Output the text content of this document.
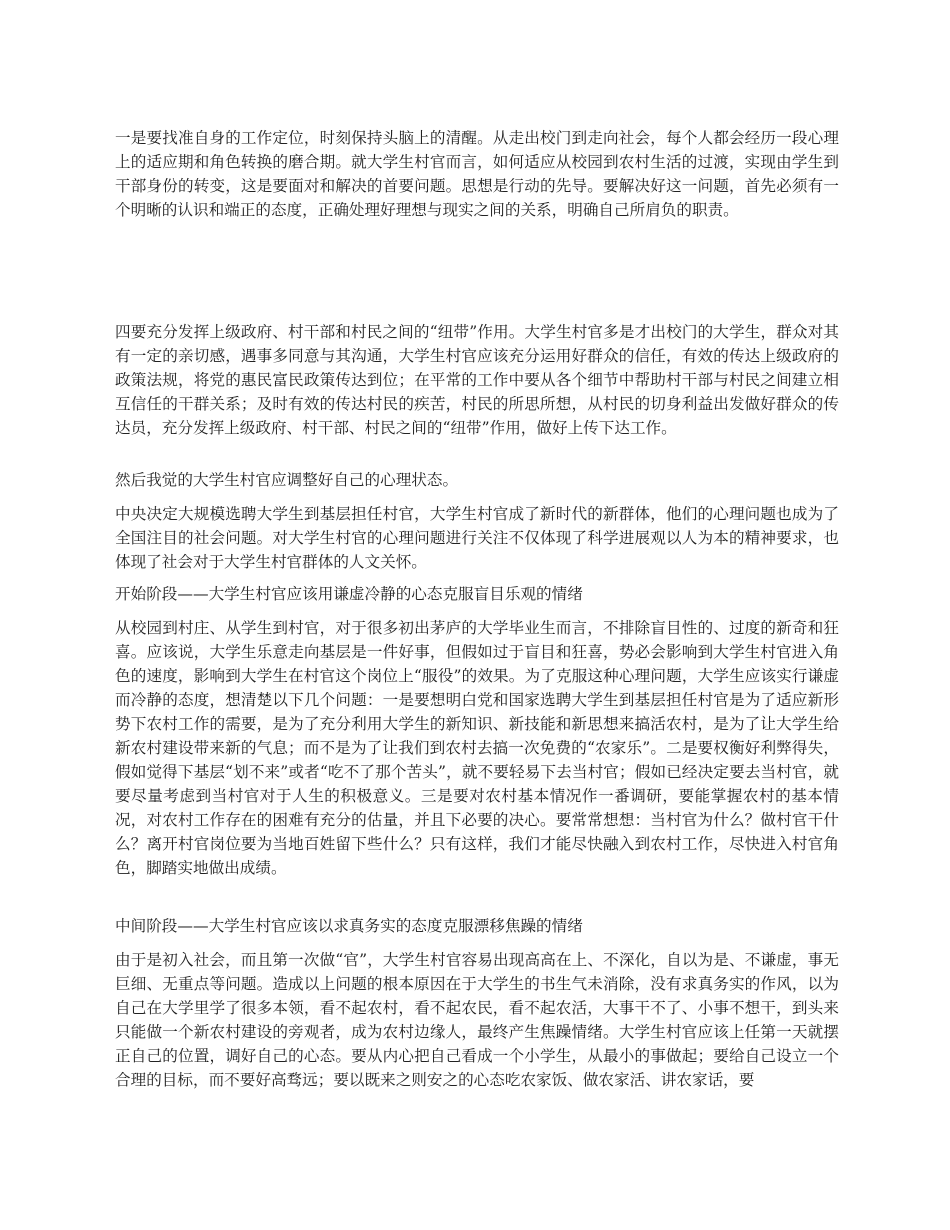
一是要找准自身的工作定位，时刻保持头脑上的清醒。从走出校门到走向社会，每个人都会经历一段心理上的适应期和角色转换的磨合期。就大学生村官而言，如何适应从校园到农村生活的过渡，实现由学生到干部身份的转变，这是要面对和解决的首要问题。思想是行动的先导。要解决好这一问题，首先必须有一个明晰的认识和端正的态度，正确处理好理想与现实之间的关系，明确自己所肩负的职责。

四要充分发挥上级政府、村干部和村民之间的“纽带”作用。大学生村官多是才出校门的大学生，群众对其有一定的亲切感，遇事多同意与其沟通，大学生村官应该充分运用好群众的信任，有效的传达上级政府的政策法规，将党的惠民富民政策传达到位；在平常的工作中要从各个细节中帮助村干部与村民之间建立相互信任的干群关系；及时有效的传达村民的疾苦，村民的所思所想，从村民的切身利益出发做好群众的传达员，充分发挥上级政府、村干部、村民之间的“纽带”作用，做好上传下达工作。

然后我觉的大学生村官应调整好自己的心理状态。

中央决定大规模选聘大学生到基层担任村官，大学生村官成了新时代的新群体，他们的心理问题也成为了全国注目的社会问题。对大学生村官的心理问题进行关注不仅体现了科学进展观以人为本的精神要求，也体现了社会对于大学生村官群体的人文关怀。

开始阶段——大学生村官应该用谦虚冷静的心态克服盲目乐观的情绪

从校园到村庄、从学生到村官，对于很多初出茅庐的大学毕业生而言，不排除盲目性的、过度的新奇和狂喜。应该说，大学生乐意走向基层是一件好事，但假如过于盲目和狂喜，势必会影响到大学生村官进入角色的速度，影响到大学生在村官这个岗位上“服役”的效果。为了克服这种心理问题，大学生应该实行谦虚而冷静的态度，想清楚以下几个问题：一是要想明白党和国家选聘大学生到基层担任村官是为了适应新形势下农村工作的需要，是为了充分利用大学生的新知识、新技能和新思想来搞活农村，是为了让大学生给新农村建设带来新的气息；而不是为了让我们到农村去搞一次免费的“农家乐”。二是要权衡好利弊得失，假如觉得下基层“划不来”或者“吃不了那个苦头”，就不要轻易下去当村官；假如已经决定要去当村官，就要尽量考虑到当村官对于人生的积极意义。三是要对农村基本情况作一番调研，要能掌握农村的基本情况，对农村工作存在的困难有充分的估量，并且下必要的决心。要常常想想：当村官为什么？做村官干什么？离开村官岗位要为当地百姓留下些什么？只有这样，我们才能尽快融入到农村工作，尽快进入村官角色，脚踏实地做出成绩。

中间阶段——大学生村官应该以求真务实的态度克服漂移焦躁的情绪

由于是初入社会，而且第一次做“官”，大学生村官容易出现高高在上、不深化，自以为是、不谦虚，事无巨细、无重点等问题。造成以上问题的根本原因在于大学生的书生气未消除，没有求真务实的作风，以为自己在大学里学了很多本领，看不起农村，看不起农民，看不起农活，大事干不了、小事不想干，到头来只能做一个新农村建设的旁观者，成为农村边缘人，最终产生焦躁情绪。大学生村官应该上任第一天就摆正自己的位置，调好自己的心态。要从内心把自己看成一个小学生，从最小的事做起；要给自己设立一个合理的目标，而不要好高骛远；要以既来之则安之的心态吃农家饭、做农家活、讲农家话，要
